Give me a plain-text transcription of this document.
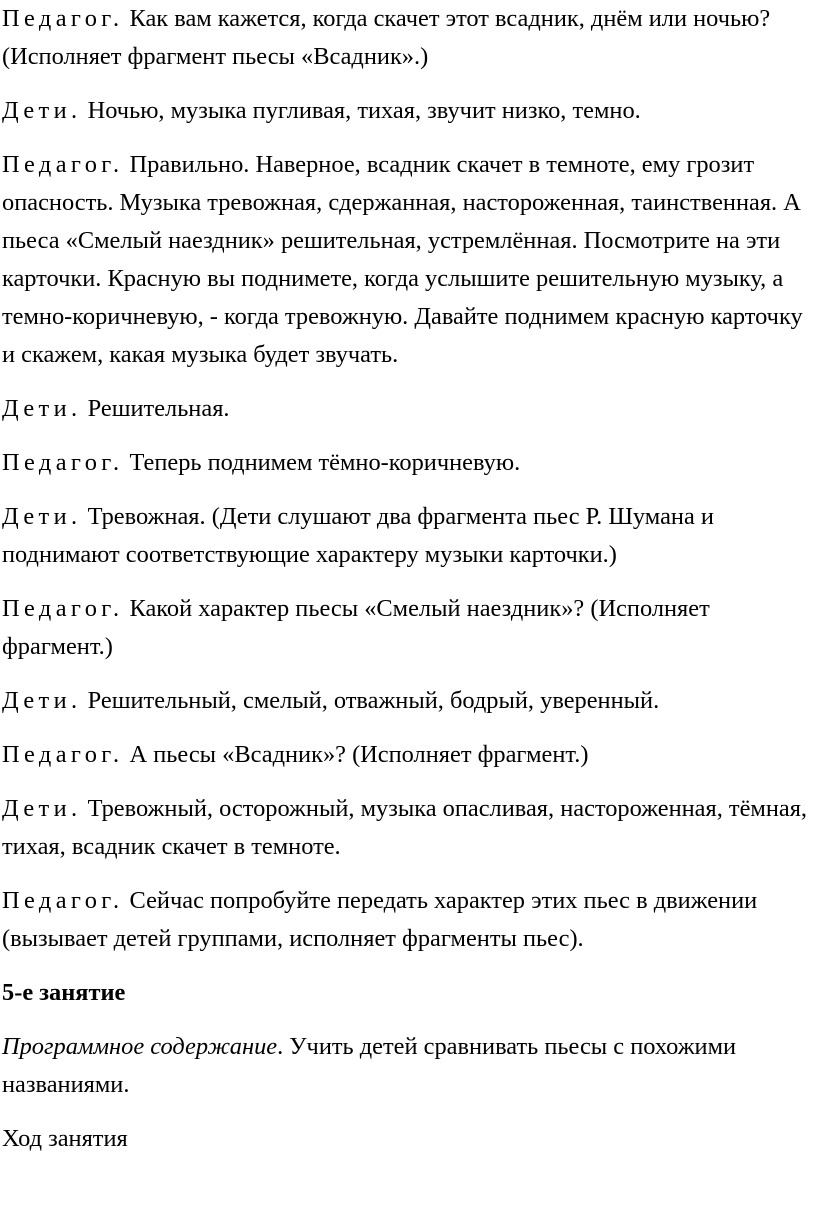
Педагог. Как вам кажется, когда скачет этот всадник, днём или ночью? (Исполняет фрагмент пьесы «Всадник».)

Дети. Ночью, музыка пугливая, тихая, звучит низко, темно.

Педагог. Правильно. Наверное, всадник скачет в темноте, ему грозит опасность. Музыка тревожная, сдержанная, настороженная, таинственная. А пьеса «Смелый наездник» решительная, устремлённая. Посмотрите на эти карточки. Красную вы поднимете, когда услышите решительную музыку, а темно-коричневую, - когда тревожную. Давайте поднимем красную карточку и скажем, какая музыка будет звучать.

Дети. Решительная.

Педагог. Теперь поднимем тёмно-коричневую.

Дети. Тревожная. (Дети слушают два фрагмента пьес Р. Шумана и поднимают соответствующие характеру музыки карточки.)

Педагог. Какой характер пьесы «Смелый наездник»? (Исполняет фрагмент.)

Дети. Решительный, смелый, отважный, бодрый, уверенный.

Педагог. А пьесы «Всадник»? (Исполняет фрагмент.)

Дети. Тревожный, осторожный, музыка опасливая, настороженная, тёмная, тихая, всадник скачет в темноте.

Педагог. Сейчас попробуйте передать характер этих пьес в движении (вызывает детей группами, исполняет фрагменты пьес).

5-е занятие

Программное содержание. Учить детей сравнивать пьесы с похожими названиями.

Ход занятия
